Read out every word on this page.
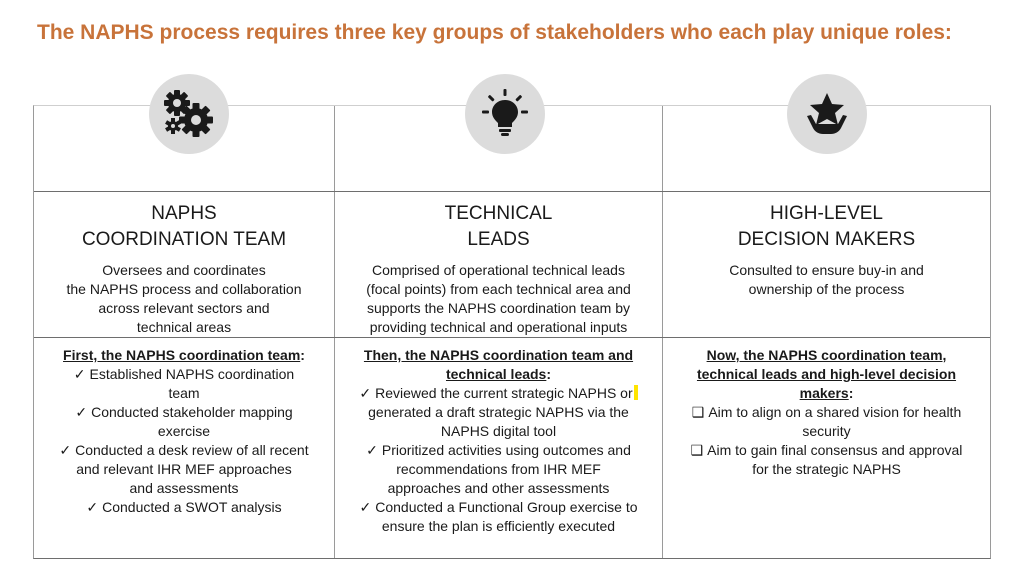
The NAPHS process requires three key groups of stakeholders who each play unique roles:
NAPHS
COORDINATION TEAM
Oversees and coordinates
the NAPHS process and collaboration
across relevant sectors and
technical areas
First, the NAPHS coordination team:
✓ Established NAPHS coordination
team
✓ Conducted stakeholder mapping
exercise
✓ Conducted a desk review of all recent
and relevant IHR MEF approaches
and assessments
✓ Conducted a SWOT analysis
TECHNICAL
LEADS
Comprised of operational technical leads
(focal points) from each technical area and
supports the NAPHS coordination team by
providing technical and operational inputs
Then, the NAPHS coordination team and
technical leads:
✓ Reviewed the current strategic NAPHS or
generated a draft strategic NAPHS via the
NAPHS digital tool
✓ Prioritized activities using outcomes and
recommendations from IHR MEF
approaches and other assessments
✓ Conducted a Functional Group exercise to
ensure the plan is efficiently executed
HIGH-LEVEL
DECISION MAKERS
Consulted to ensure buy-in and
ownership of the process
Now, the NAPHS coordination team,
technical leads and high-level decision
makers:
❑ Aim to align on a shared vision for health
security
❑ Aim to gain final consensus and approval
for the strategic NAPHS
